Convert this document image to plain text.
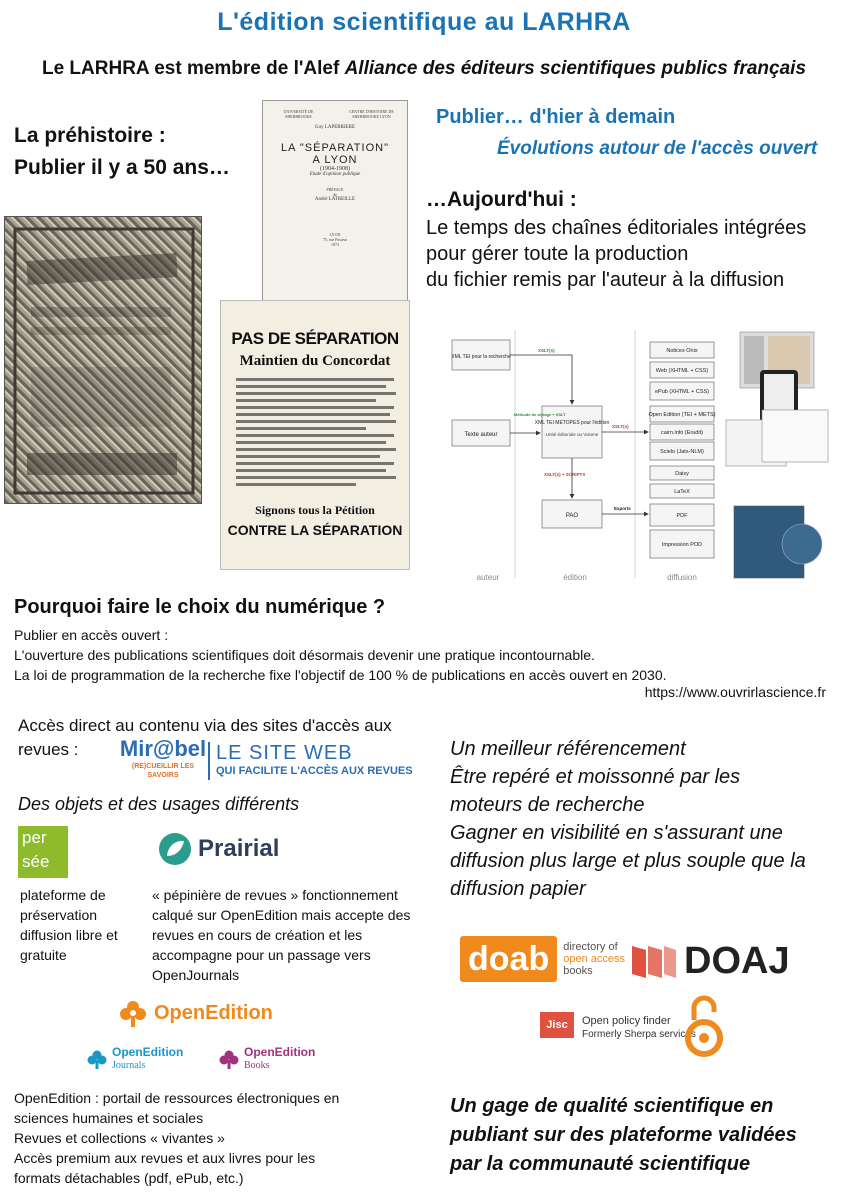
L'édition scientifique au LARHRA
Le LARHRA est membre de l'Alef Alliance des éditeurs scientifiques publics français
La préhistoire :
Publier il y a 50 ans…
UNIVERSITÉ DE SHERBROOKE
CENTRE D'HISTOIRE DE SHERBROOKE LYON
Guy LAPERRIERE
LA "SÉPARATION"
A LYON
(1904-1908)
Etude d'opinion publique
PRÉFACE
de
André LATREILLE
LYON
75, rue Pasteur
1973
PAS DE SÉPARATION
Maintien du Concordat
Signons tous la Pétition
CONTRE LA SÉPARATION
Publier… d'hier à demain
Évolutions autour de l'accès ouvert
…Aujourd'hui :
Le temps des chaînes éditoriales intégrées
pour gérer toute la production
du fichier remis par l'auteur à la diffusion
XML TEI pour la recherche
Texte auteur
XML TEI METOPES pour l'édition
Unité éditoriale ou Volume
PAO
XSLT(s)
Méthode de stylage + XSLT
XSLT(s)
XSLT(s) + SCRIPTS
Exports
Notices Onix
Web (XHTML + CSS)
ePub (XHTML + CSS)
Open Edition (TEI + METS)
cairn.info (Erudit)
Scielo (Jats-NLM)
Daisy
LaTeX
PDF
Impression POD
auteur	édition	diffusion
Pourquoi faire le choix du numérique ?
Publier en accès ouvert :
L'ouverture des publications scientifiques doit désormais devenir une pratique incontournable.
La loi de programmation de la recherche fixe l'objectif de 100 % de publications en accès ouvert en 2030.
https://www.ouvrirlascience.fr
Accès direct au contenu via des sites d'accès aux
revues :	Mir@bel
(RE)CUEILLIR LES SAVOIRS
LE SITE WEB
QUI FACILITE L'ACCÈS AUX REVUES
Des objets et des usages différents
per
sée
plateforme de préservation diffusion libre et gratuite
Prairial
« pépinière de revues » fonctionnement calqué sur OpenEdition mais accepte des revues en cours de création et les accompagne pour un passage vers OpenJournals
OpenEdition
OpenEdition
Journals
OpenEdition
Books
OpenEdition : portail de ressources électroniques en
sciences humaines et sociales
Revues et collections « vivantes »
Accès premium aux revues et aux livres pour les
formats détachables (pdf, ePub, etc.)
Un meilleur référencement
Être repéré et moissonné par les
moteurs de recherche
Gagner en visibilité en s'assurant une
diffusion plus large et plus souple que la
diffusion papier
doab	directory of
open access
books	DOAJ
Jisc	Open policy finder
Formerly Sherpa services
Un gage de qualité scientifique en
publiant sur des plateforme validées
par la communauté scientifique
